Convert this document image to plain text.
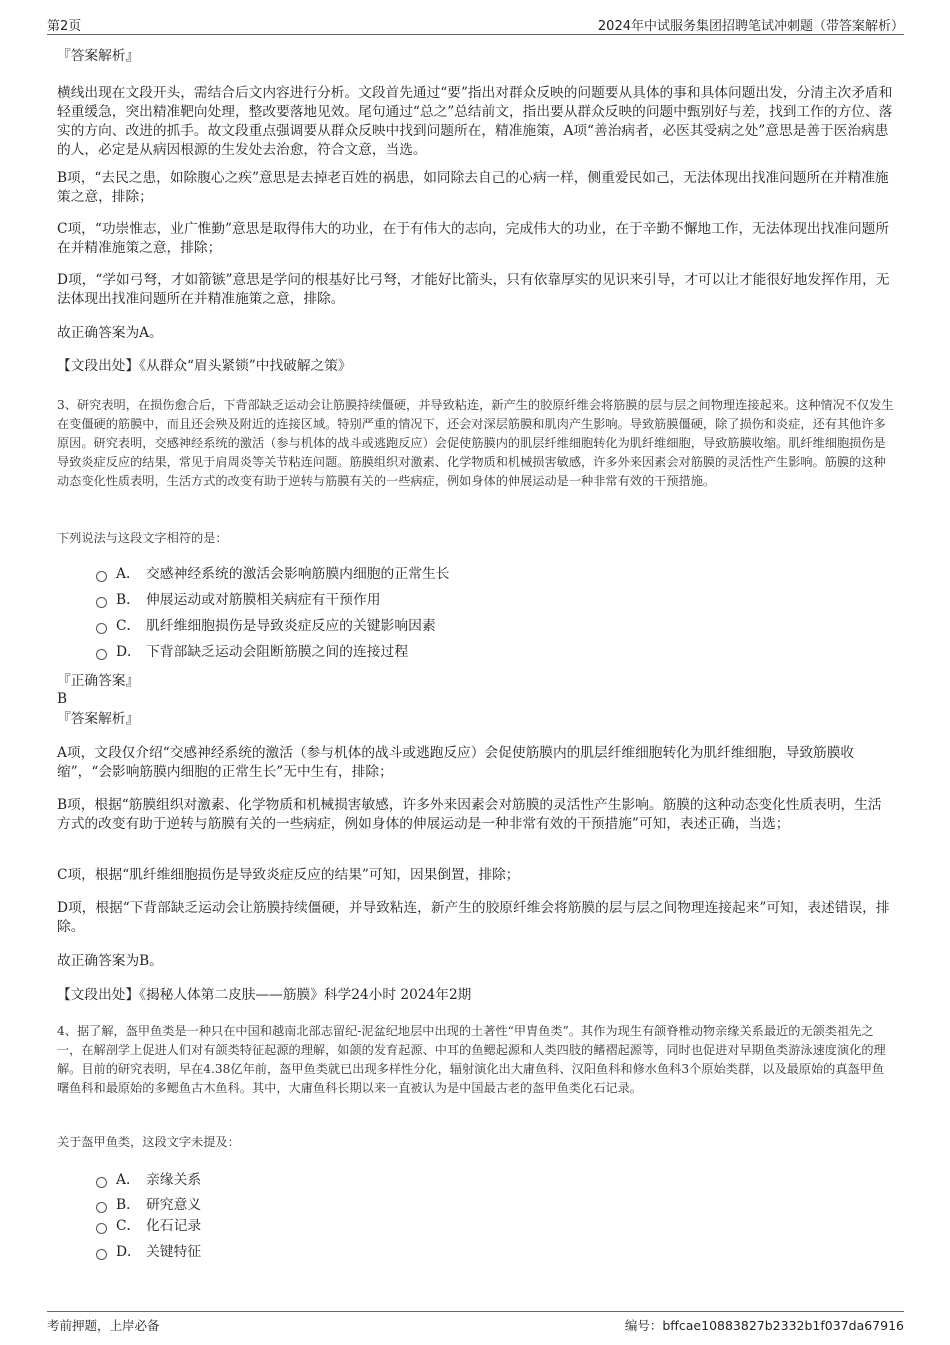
第2页	2024年中试服务集团招聘笔试冲刺题（带答案解析）
『答案解析』
横线出现在文段开头，需结合后文内容进行分析。文段首先通过“要”指出对群众反映的问题要从具体的事和具体问题出发，分清主次矛盾和轻重缓急，突出精准靶向处理，整改要落地见效。尾句通过“总之”总结前文，指出要从群众反映的问题中甄别好与差，找到工作的方位、落实的方向、改进的抓手。故文段重点强调要从群众反映中找到问题所在，精准施策，A项“善治病者，必医其受病之处”意思是善于医治病患的人，必定是从病因根源的生发处去治愈，符合文意，当选。
B项，“去民之患，如除腹心之疾”意思是去掉老百姓的祸患，如同除去自己的心病一样，侧重爱民如己，无法体现出找准问题所在并精准施策之意，排除；
C项，“功崇惟志，业广惟勤”意思是取得伟大的功业，在于有伟大的志向，完成伟大的功业，在于辛勤不懈地工作，无法体现出找准问题所在并精准施策之意，排除；
D项，“学如弓弩，才如箭镞”意思是学问的根基好比弓弩，才能好比箭头，只有依靠厚实的见识来引导，才可以让才能很好地发挥作用，无法体现出找准问题所在并精准施策之意，排除。
故正确答案为A。
【文段出处】《从群众“眉头紧锁”中找破解之策》
3、研究表明，在损伤愈合后，下背部缺乏运动会让筋膜持续僵硬，并导致粘连，新产生的胶原纤维会将筋膜的层与层之间物理连接起来。这种情况不仅发生在变僵硬的筋膜中，而且还会殃及附近的连接区域。特别严重的情况下，还会对深层筋膜和肌肉产生影响。导致筋膜僵硬，除了损伤和炎症，还有其他许多原因。研究表明，交感神经系统的激活（参与机体的战斗或逃跑反应）会促使筋膜内的肌层纤维细胞转化为肌纤维细胞，导致筋膜收缩。肌纤维细胞损伤是导致炎症反应的结果，常见于肩周炎等关节粘连问题。筋膜组织对激素、化学物质和机械损害敏感，许多外来因素会对筋膜的灵活性产生影响。筋膜的这种动态变化性质表明，生活方式的改变有助于逆转与筋膜有关的一些病症，例如身体的伸展运动是一种非常有效的干预措施。
下列说法与这段文字相符的是：
A． 交感神经系统的激活会影响筋膜内细胞的正常生长
B． 伸展运动或对筋膜相关病症有干预作用
C． 肌纤维细胞损伤是导致炎症反应的关键影响因素
D． 下背部缺乏运动会阻断筋膜之间的连接过程
『正确答案』
B
『答案解析』
A项，文段仅介绍“交感神经系统的激活（参与机体的战斗或逃跑反应）会促使筋膜内的肌层纤维细胞转化为肌纤维细胞，导致筋膜收缩”，“会影响筋膜内细胞的正常生长”无中生有，排除；
B项，根据“筋膜组织对激素、化学物质和机械损害敏感，许多外来因素会对筋膜的灵活性产生影响。筋膜的这种动态变化性质表明，生活方式的改变有助于逆转与筋膜有关的一些病症，例如身体的伸展运动是一种非常有效的干预措施”可知，表述正确，当选；
C项，根据“肌纤维细胞损伤是导致炎症反应的结果”可知，因果倒置，排除；
D项，根据“下背部缺乏运动会让筋膜持续僵硬，并导致粘连，新产生的胶原纤维会将筋膜的层与层之间物理连接起来”可知，表述错误，排除。
故正确答案为B。
【文段出处】《揭秘人体第二皮肤——筋膜》科学24小时 2024年2期
4、据了解，盔甲鱼类是一种只在中国和越南北部志留纪-泥盆纪地层中出现的土著性“甲胄鱼类”。其作为现生有颌脊椎动物亲缘关系最近的无颌类祖先之一，在解剖学上促进人们对有颌类特征起源的理解，如颌的发育起源、中耳的鱼鳃起源和人类四肢的鳍褶起源等，同时也促进对早期鱼类游泳速度演化的理解。目前的研究表明，早在4.38亿年前，盔甲鱼类就已出现多样性分化，辐射演化出大庸鱼科、汉阳鱼科和修水鱼科3个原始类群，以及最原始的真盔甲鱼曙鱼科和最原始的多鳃鱼古木鱼科。其中，大庸鱼科长期以来一直被认为是中国最古老的盔甲鱼类化石记录。
关于盔甲鱼类，这段文字未提及：
A． 亲缘关系
B． 研究意义
C． 化石记录
D． 关键特征
考前押题，上岸必备	编号：bffcae10883827b2332b1f037da67916
